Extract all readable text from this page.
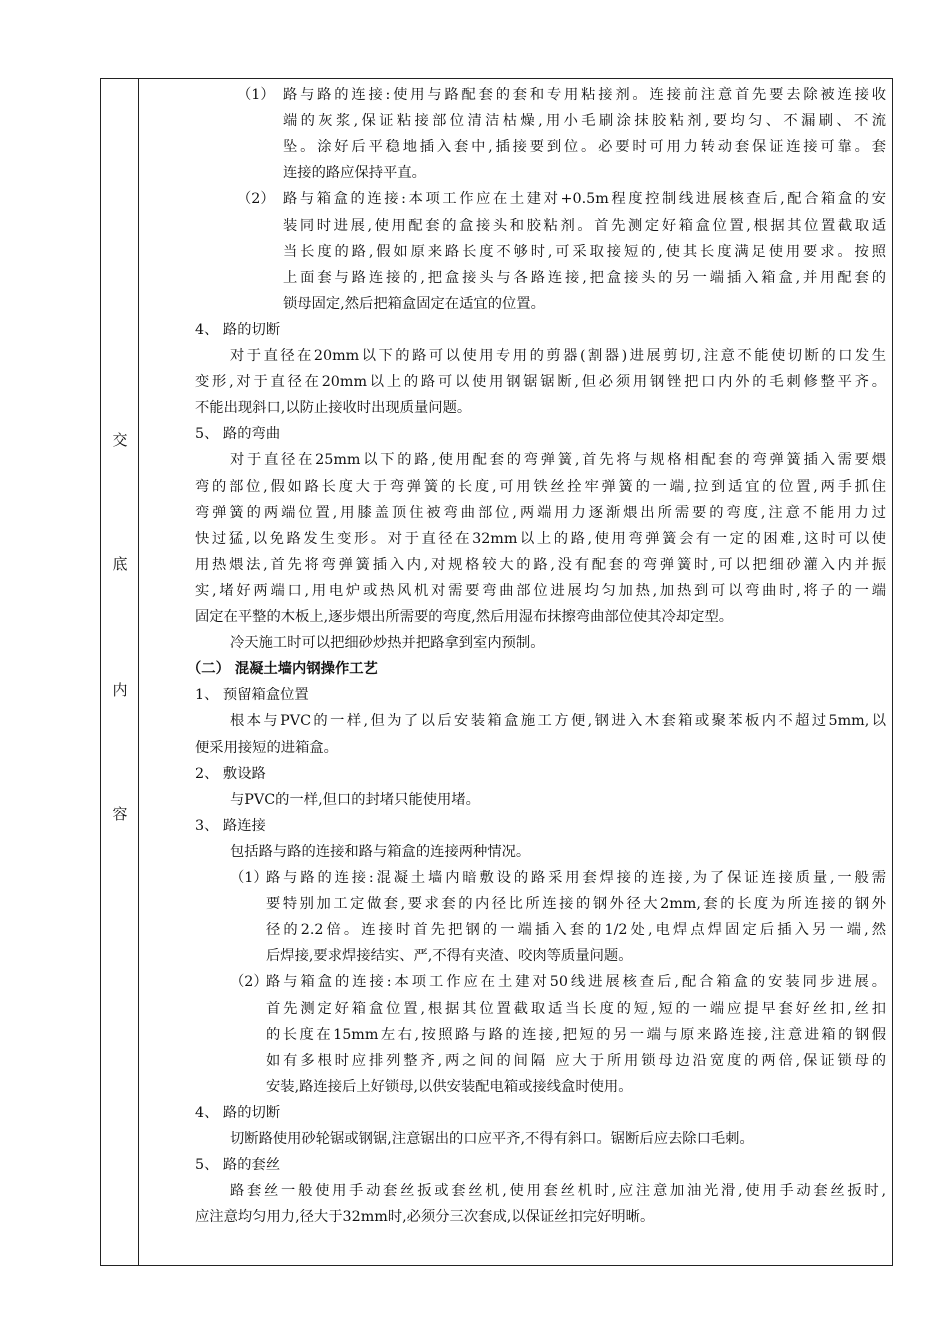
交
底
内
容
（1） 路与路的连接:使用与路配套的套和专用粘接剂。连接前注意首先要去除被连接收
端的灰浆,保证粘接部位清洁枯燥,用小毛刷涂抹胶粘剂,要均匀、不漏刷、不流
坠。涂好后平稳地插入套中,插接要到位。必要时可用力转动套保证连接可靠。套
连接的路应保持平直。
（2） 路与箱盒的连接:本项工作应在土建对+0.5m程度控制线进展核查后,配合箱盒的安
装同时进展,使用配套的盒接头和胶粘剂。首先测定好箱盒位置,根据其位置截取适
当长度的路,假如原来路长度不够时,可采取接短的,使其长度满足使用要求。按照
上面套与路连接的,把盒接头与各路连接,把盒接头的另一端插入箱盒,并用配套的
锁母固定,然后把箱盒固定在适宜的位置。
4、 路的切断
对于直径在20mm以下的路可以使用专用的剪器(割器)进展剪切,注意不能使切断的口发生
变形,对于直径在20mm以上的路可以使用钢锯锯断,但必须用钢锉把口内外的毛刺修整平齐。
不能出现斜口,以防止接收时出现质量问题。
5、 路的弯曲
对于直径在25mm以下的路,使用配套的弯弹簧,首先将与规格相配套的弯弹簧插入需要煨
弯的部位,假如路长度大于弯弹簧的长度,可用铁丝拴牢弹簧的一端,拉到适宜的位置,两手抓住
弯弹簧的两端位置,用膝盖顶住被弯曲部位,两端用力逐渐煨出所需要的弯度,注意不能用力过
快过猛,以免路发生变形。对于直径在32mm以上的路,使用弯弹簧会有一定的困难,这时可以使
用热煨法,首先将弯弹簧插入内,对规格较大的路,没有配套的弯弹簧时,可以把细砂灌入内并振
实,堵好两端口,用电炉或热风机对需要弯曲部位进展均匀加热,加热到可以弯曲时,将子的一端
固定在平整的木板上,逐步煨出所需要的弯度,然后用湿布抹擦弯曲部位使其冷却定型。
冷天施工时可以把细砂炒热并把路拿到室内预制。
（二） 混凝土墙内钢操作工艺
1、 预留箱盒位置
根本与PVC的一样,但为了以后安装箱盒施工方便,钢进入木套箱或聚苯板内不超过5mm,以
便采用接短的进箱盒。
2、 敷设路
与PVC的一样,但口的封堵只能使用堵。
3、 路连接
包括路与路的连接和路与箱盒的连接两种情况。
（1）
路与路的连接:混凝土墙内暗敷设的路采用套焊接的连接,为了保证连接质量,一般需
要特别加工定做套,要求套的内径比所连接的钢外径大2mm,套的长度为所连接的钢外
径的2.2倍。连接时首先把钢的一端插入套的1/2处,电焊点焊固定后插入另一端,然
后焊接,要求焊接结实、严,不得有夹渣、咬肉等质量问题。
（2）
路与箱盒的连接:本项工作应在土建对50线进展核查后,配合箱盒的安装同步进展。
首先测定好箱盒位置,根据其位置截取适当长度的短,短的一端应提早套好丝扣,丝扣
的长度在15mm左右,按照路与路的连接,把短的另一端与原来路连接,注意进箱的钢假
如有多根时应排列整齐,两之间的间隔 应大于所用锁母边沿宽度的两倍,保证锁母的
安装,路连接后上好锁母,以供安装配电箱或接线盒时使用。
4、 路的切断
切断路使用砂轮锯或钢锯,注意锯出的口应平齐,不得有斜口。锯断后应去除口毛刺。
5、 路的套丝
路套丝一般使用手动套丝扳或套丝机,使用套丝机时,应注意加油光滑,使用手动套丝扳时,
应注意均匀用力,径大于32mm时,必须分三次套成,以保证丝扣完好明晰。
